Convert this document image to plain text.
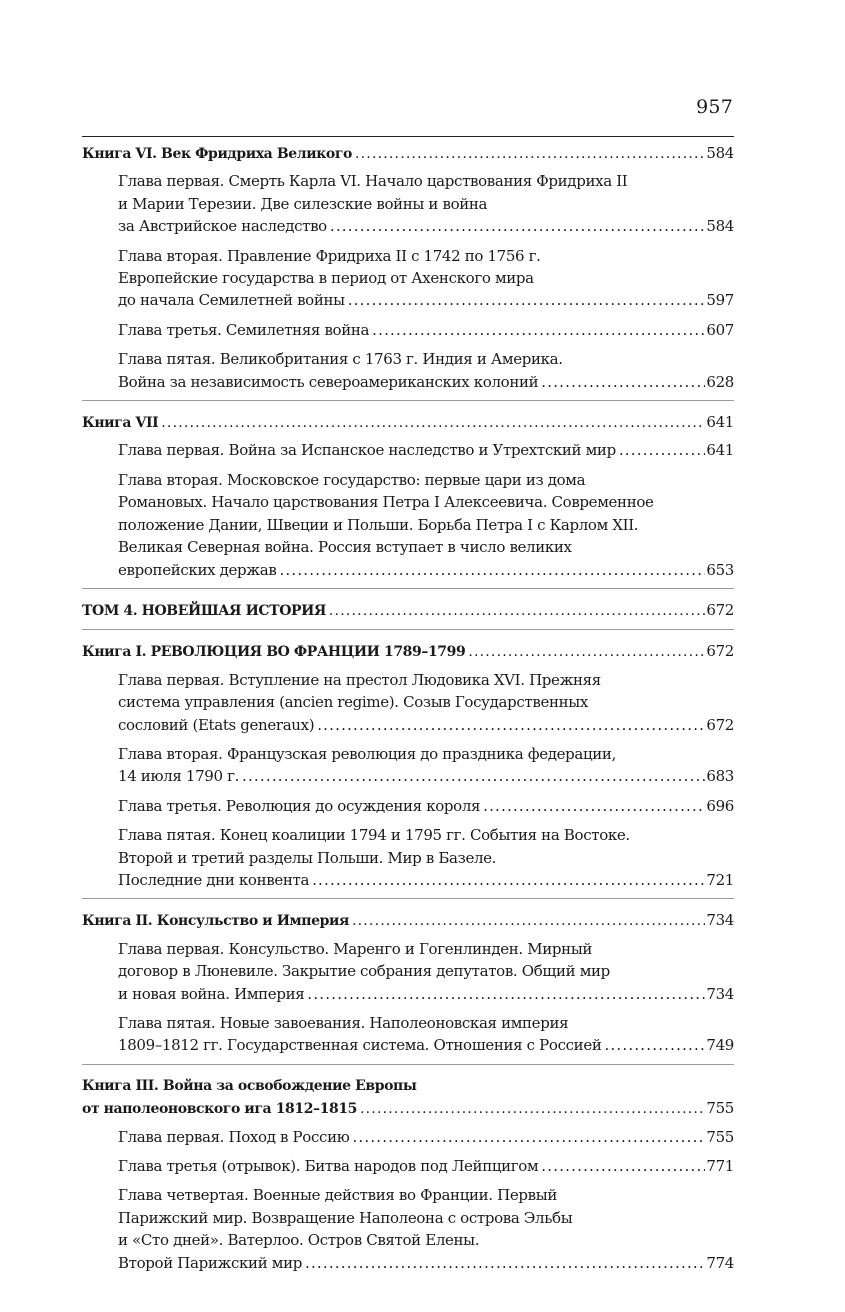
957
Книга VI. Век Фридриха Великого .....	584
Глава первая. Смерть Карла VI. Начало царствования Фридриха II
и Марии Терезии. Две силезские войны и война
за Австрийское наследство .....	584
Глава вторая. Правление Фридриха II с 1742 по 1756 г.
Европейские государства в период от Ахенского мира
до начала Семилетней войны .....	597
Глава третья. Семилетняя война .....	607
Глава пятая. Великобритания с 1763 г. Индия и Америка.
Война за независимость североамериканских колоний .....	628
Книга VII .....	641
Глава первая. Война за Испанское наследство и Утрехтский мир .....	641
Глава вторая. Московское государство: первые цари из дома
Романовых. Начало царствования Петра I Алексеевича. Современное
положение Дании, Швеции и Польши. Борьба Петра I с Карлом XII.
Великая Северная война. Россия вступает в число великих
европейских держав .....	653
ТОМ 4. НОВЕЙШАЯ ИСТОРИЯ .....	672
Книга I. РЕВОЛЮЦИЯ ВО ФРАНЦИИ 1789–1799 .....	672
Глава первая. Вступление на престол Людовика XVI. Прежняя
система управления (ancien regime). Созыв Государственных
сословий (Etats generaux) .....	672
Глава вторая. Французская революция до праздника федерации,
14 июля 1790 г. .....	683
Глава третья. Революция до осуждения короля .....	696
Глава пятая. Конец коалиции 1794 и 1795 гг. События на Востоке.
Второй и третий разделы Польши. Мир в Базеле.
Последние дни конвента .....	721
Книга II. Консульство и Империя .....	734
Глава первая. Консульство. Маренго и Гогенлинден. Мирный
договор в Люневиле. Закрытие собрания депутатов. Общий мир
и новая война. Империя .....	734
Глава пятая. Новые завоевания. Наполеоновская империя
1809–1812 гг. Государственная система. Отношения с Россией .....	749
Книга III. Война за освобождение Европы
от наполеоновского ига 1812–1815 .....	755
Глава первая. Поход в Россию .....	755
Глава третья (отрывок). Битва народов под Лейпцигом .....	771
Глава четвертая. Военные действия во Франции. Первый
Парижский мир. Возвращение Наполеона с острова Эльбы
и «Сто дней». Ватерлоо. Остров Святой Елены.
Второй Парижский мир .....	774
